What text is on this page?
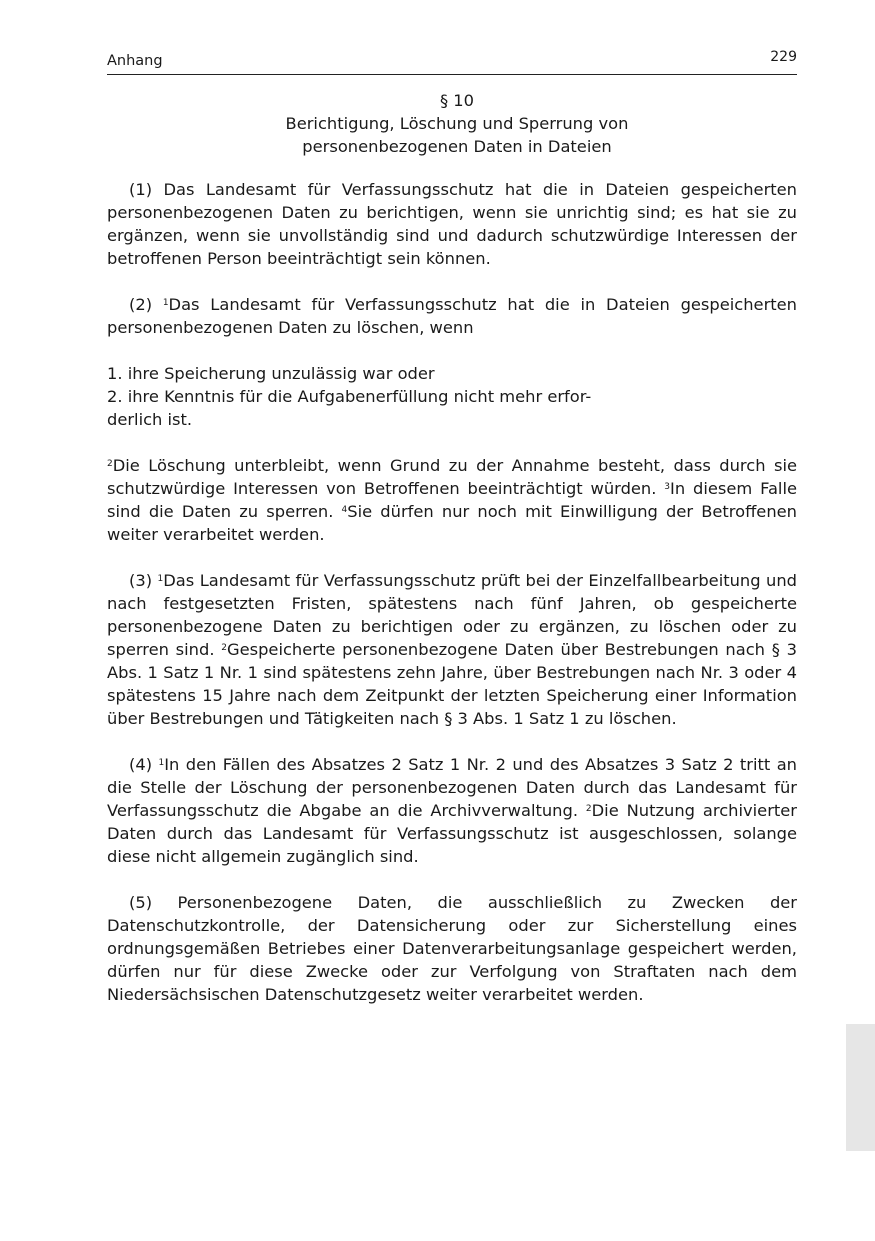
Anhang	229
§ 10
Berichtigung, Löschung und Sperrung von
personenbezogenen Daten in Dateien

(1) Das Landesamt für Verfassungsschutz hat die in Dateien gespeicherten personenbezogenen Daten zu berichtigen, wenn sie unrichtig sind; es hat sie zu ergänzen, wenn sie unvollständig sind und dadurch schutzwürdige Interessen der betroffenen Person beeinträchtigt sein können.

(2) $^1$Das Landesamt für Verfassungsschutz hat die in Dateien gespeicherten personenbezogenen Daten zu löschen, wenn

1. ihre Speicherung unzulässig war oder
2. ihre Kenntnis für die Aufgabenerfüllung nicht mehr erfor-
derlich ist.

$^2$Die Löschung unterbleibt, wenn Grund zu der Annahme besteht, dass durch sie schutzwürdige Interessen von Betroffenen beeinträchtigt würden. $^3$In diesem Falle sind die Daten zu sperren. $^4$Sie dürfen nur noch mit Einwilligung der Betroffenen weiter verarbeitet werden.

(3) $^1$Das Landesamt für Verfassungsschutz prüft bei der Einzelfallbearbeitung und nach festgesetzten Fristen, spätestens nach fünf Jahren, ob gespeicherte personenbezogene Daten zu berichtigen oder zu ergänzen, zu löschen oder zu sperren sind. $^2$Gespeicherte personenbezogene Daten über Bestrebungen nach § 3 Abs. 1 Satz 1 Nr. 1 sind spätestens zehn Jahre, über Bestrebungen nach Nr. 3 oder 4 spätestens 15 Jahre nach dem Zeitpunkt der letzten Speicherung einer Information über Bestrebungen und Tätigkeiten nach § 3 Abs. 1 Satz 1 zu löschen.

(4) $^1$In den Fällen des Absatzes 2 Satz 1 Nr. 2 und des Absatzes 3 Satz 2 tritt an die Stelle der Löschung der personenbezogenen Daten durch das Landesamt für Verfassungsschutz die Abgabe an die Archivverwaltung. $^2$Die Nutzung archivierter Daten durch das Landesamt für Verfassungsschutz ist ausgeschlossen, solange diese nicht allgemein zugänglich sind.

(5) Personenbezogene Daten, die ausschließlich zu Zwecken der Datenschutzkontrolle, der Datensicherung oder zur Sicherstellung eines ordnungsgemäßen Betriebes einer Datenverarbeitungsanlage gespeichert werden, dürfen nur für diese Zwecke oder zur Verfolgung von Straftaten nach dem Niedersächsischen Datenschutzgesetz weiter verarbeitet werden.
